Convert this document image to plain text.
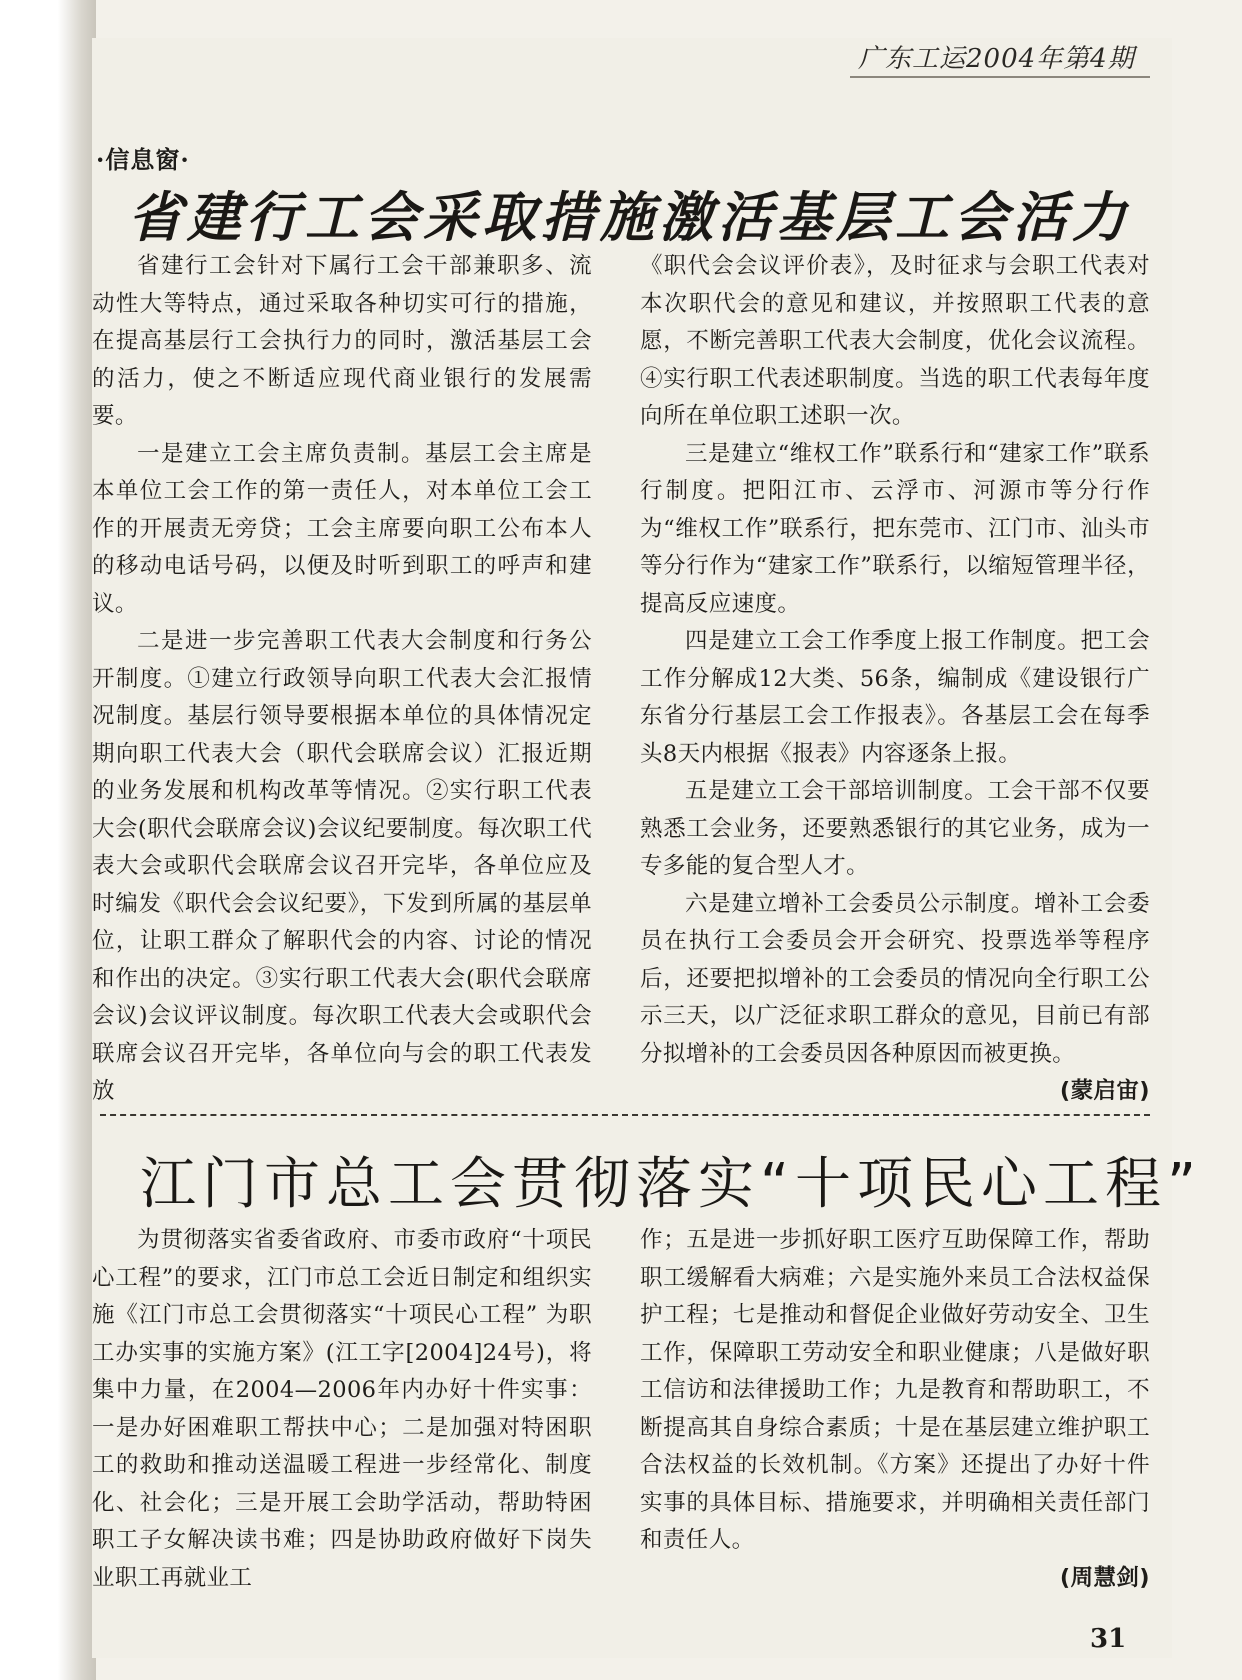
广东工运2004年第4期
·信息窗·
省建行工会采取措施激活基层工会活力

省建行工会针对下属行工会干部兼职多、流动性大等特点，通过采取各种切实可行的措施，在提高基层行工会执行力的同时，激活基层工会的活力，使之不断适应现代商业银行的发展需要。

一是建立工会主席负责制。基层工会主席是本单位工会工作的第一责任人，对本单位工会工作的开展责无旁贷；工会主席要向职工公布本人的移动电话号码，以便及时听到职工的呼声和建议。

二是进一步完善职工代表大会制度和行务公开制度。①建立行政领导向职工代表大会汇报情况制度。基层行领导要根据本单位的具体情况定期向职工代表大会（职代会联席会议）汇报近期的业务发展和机构改革等情况。②实行职工代表大会(职代会联席会议)会议纪要制度。每次职工代表大会或职代会联席会议召开完毕，各单位应及时编发《职代会会议纪要》，下发到所属的基层单位，让职工群众了解职代会的内容、讨论的情况和作出的决定。③实行职工代表大会(职代会联席会议)会议评议制度。每次职工代表大会或职代会联席会议召开完毕，各单位向与会的职工代表发放

《职代会会议评价表》，及时征求与会职工代表对本次职代会的意见和建议，并按照职工代表的意愿，不断完善职工代表大会制度，优化会议流程。④实行职工代表述职制度。当选的职工代表每年度向所在单位职工述职一次。

三是建立“维权工作”联系行和“建家工作”联系行制度。把阳江市、云浮市、河源市等分行作为“维权工作”联系行，把东莞市、江门市、汕头市等分行作为“建家工作”联系行，以缩短管理半径，提高反应速度。

四是建立工会工作季度上报工作制度。把工会工作分解成12大类、56条，编制成《建设银行广东省分行基层工会工作报表》。各基层工会在每季头8天内根据《报表》内容逐条上报。

五是建立工会干部培训制度。工会干部不仅要熟悉工会业务，还要熟悉银行的其它业务，成为一专多能的复合型人才。

六是建立增补工会委员公示制度。增补工会委员在执行工会委员会开会研究、投票选举等程序后，还要把拟增补的工会委员的情况向全行职工公示三天，以广泛征求职工群众的意见，目前已有部分拟增补的工会委员因各种原因而被更换。

(蒙启宙)
江门市总工会贯彻落实“十项民心工程”

为贯彻落实省委省政府、市委市政府“十项民心工程”的要求，江门市总工会近日制定和组织实施《江门市总工会贯彻落实“十项民心工程” 为职工办实事的实施方案》(江工字[2004]24号)，将集中力量，在2004—2006年内办好十件实事：一是办好困难职工帮扶中心；二是加强对特困职工的救助和推动送温暖工程进一步经常化、制度化、社会化；三是开展工会助学活动，帮助特困职工子女解决读书难；四是协助政府做好下岗失业职工再就业工

作；五是进一步抓好职工医疗互助保障工作，帮助职工缓解看大病难；六是实施外来员工合法权益保护工程；七是推动和督促企业做好劳动安全、卫生工作，保障职工劳动安全和职业健康；八是做好职工信访和法律援助工作；九是教育和帮助职工，不断提高其自身综合素质；十是在基层建立维护职工合法权益的长效机制。《方案》还提出了办好十件实事的具体目标、措施要求，并明确相关责任部门和责任人。

(周慧剑)
31
